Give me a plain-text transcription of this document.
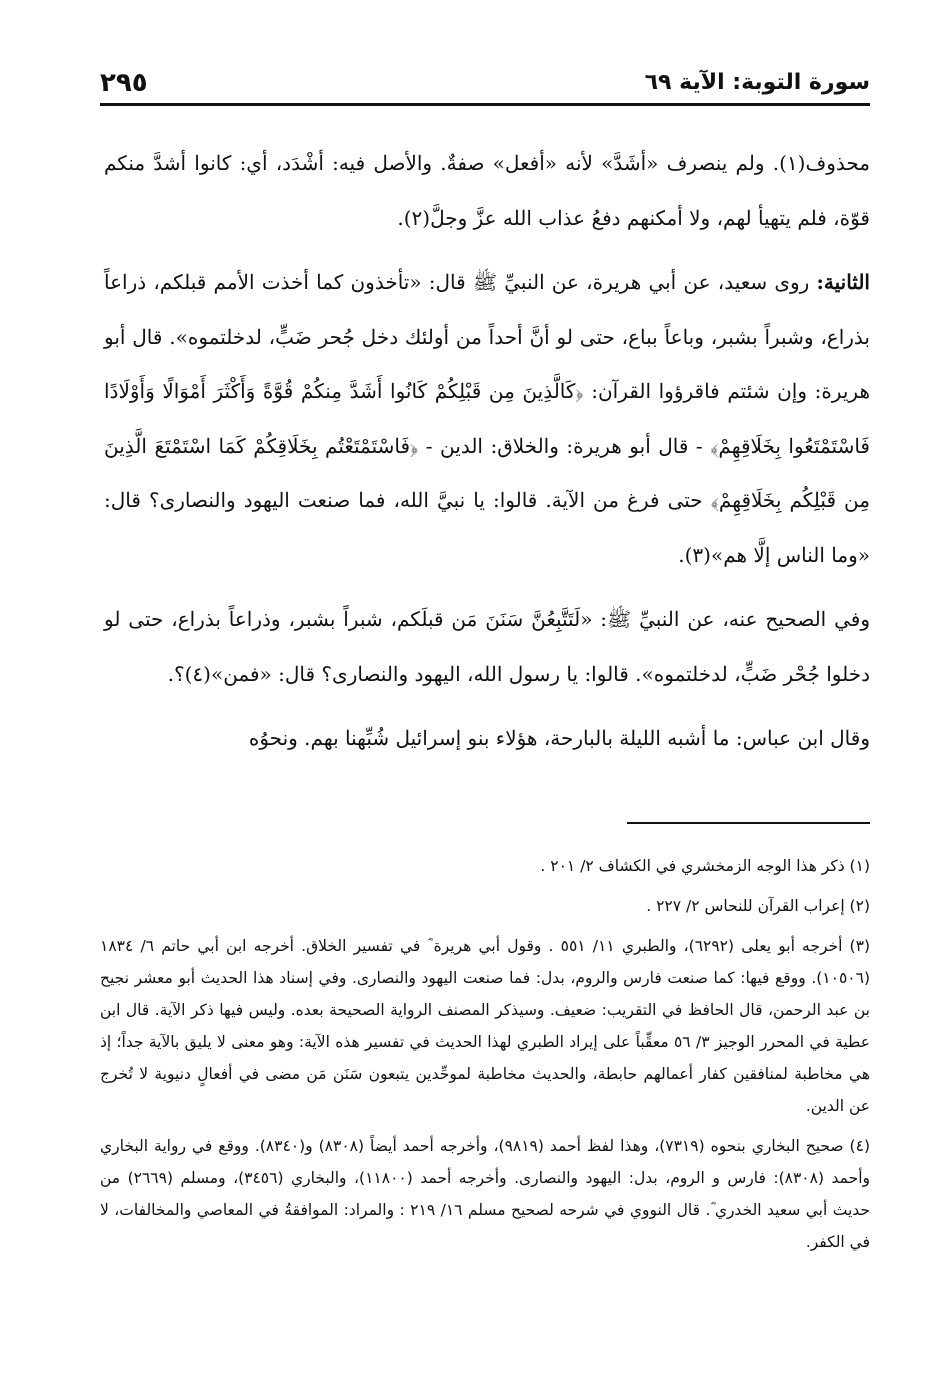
سورة التوبة: الآية ٦٩
٢٩٥

محذوف(١). ولم ينصرف «أشَدَّ» لأنه «أفعل» صفةٌ. والأصل فيه: أشْدَد، أي: كانوا أشدَّ منكم قوّة، فلم يتهيأ لهم، ولا أمكنهم دفعُ عذاب الله عزَّ وجلَّ(٢).

الثانية: روى سعيد، عن أبي هريرة، عن النبيِّ ﷺ قال: «تأخذون كما أخذت الأمم قبلكم، ذراعاً بذراع، وشبراً بشبر، وباعاً بباع، حتى لو أنَّ أحداً من أولئك دخل جُحر ضَبٍّ، لدخلتموه». قال أبو هريرة: وإن شئتم فاقرؤوا القرآن: ﴿كَالَّذِينَ مِن قَبْلِكُمْ كَانُوا أَشَدَّ مِنكُمْ قُوَّةً وَأَكْثَرَ أَمْوَالًا وَأَوْلَادًا فَاسْتَمْتَعُوا بِخَلَاقِهِمْ﴾ - قال أبو هريرة: والخلاق: الدين - ﴿فَاسْتَمْتَعْتُم بِخَلَاقِكُمْ كَمَا اسْتَمْتَعَ الَّذِينَ مِن قَبْلِكُم بِخَلَاقِهِمْ﴾ حتى فرغ من الآية. قالوا: يا نبيَّ الله، فما صنعت اليهود والنصارى؟ قال: «وما الناس إلَّا هم»(٣).

وفي الصحيح عنه، عن النبيِّ ﷺ: «لَتَتَّبِعُنَّ سَنَنَ مَن قبلَكم، شبراً بشبر، وذراعاً بذراع، حتى لو دخلوا جُحْر ضَبٍّ، لدخلتموه». قالوا: يا رسول الله، اليهود والنصارى؟ قال: «فمن»(٤)؟.

وقال ابن عباس: ما أشبه الليلة بالبارحة، هؤلاء بنو إسرائيل شُبِّهنا بهم. ونحوُه

(١) ذكر هذا الوجه الزمخشري في الكشاف ٢/ ٢٠١ .

(٢) إعراب القرآن للنحاس ٢/ ٢٢٧ .

(٣) أخرجه أبو يعلى (٦٢٩٢)، والطبري ١١/ ٥٥١ . وقول أبي هريرة ؓ في تفسير الخلاق. أخرجه ابن أبي حاتم ٦/ ١٨٣٤ (١٠٥٠٦). ووقع فيها: كما صنعت فارس والروم، بدل: فما صنعت اليهود والنصارى. وفي إسناد هذا الحديث أبو معشر نجيح بن عبد الرحمن، قال الحافظ في التقريب: ضعيف. وسيذكر المصنف الرواية الصحيحة بعده. وليس فيها ذكر الآية. قال ابن عطية في المحرر الوجيز ٣/ ٥٦ معقِّباً على إيراد الطبري لهذا الحديث في تفسير هذه الآية: وهو معنى لا يليق بالآية جداً؛ إذ هي مخاطبة لمنافقين كفار أعمالهم حابطة، والحديث مخاطبة لموحِّدين يتبعون سَنَن مَن مضى في أفعالٍ دنيوية لا تُخرج عن الدين.

(٤) صحيح البخاري بنحوه (٧٣١٩)، وهذا لفظ أحمد (٩٨١٩)، وأخرجه أحمد أيضاً (٨٣٠٨) و(٨٣٤٠). ووقع في رواية البخاري وأحمد (٨٣٠٨): فارس و الروم، بدل: اليهود والنصارى. وأخرجه أحمد (١١٨٠٠)، والبخاري (٣٤٥٦)، ومسلم (٢٦٦٩) من حديث أبي سعيد الخدري ؓ. قال النووي في شرحه لصحيح مسلم ١٦/ ٢١٩ : والمراد: الموافقةُ في المعاصي والمخالفات، لا في الكفر.
